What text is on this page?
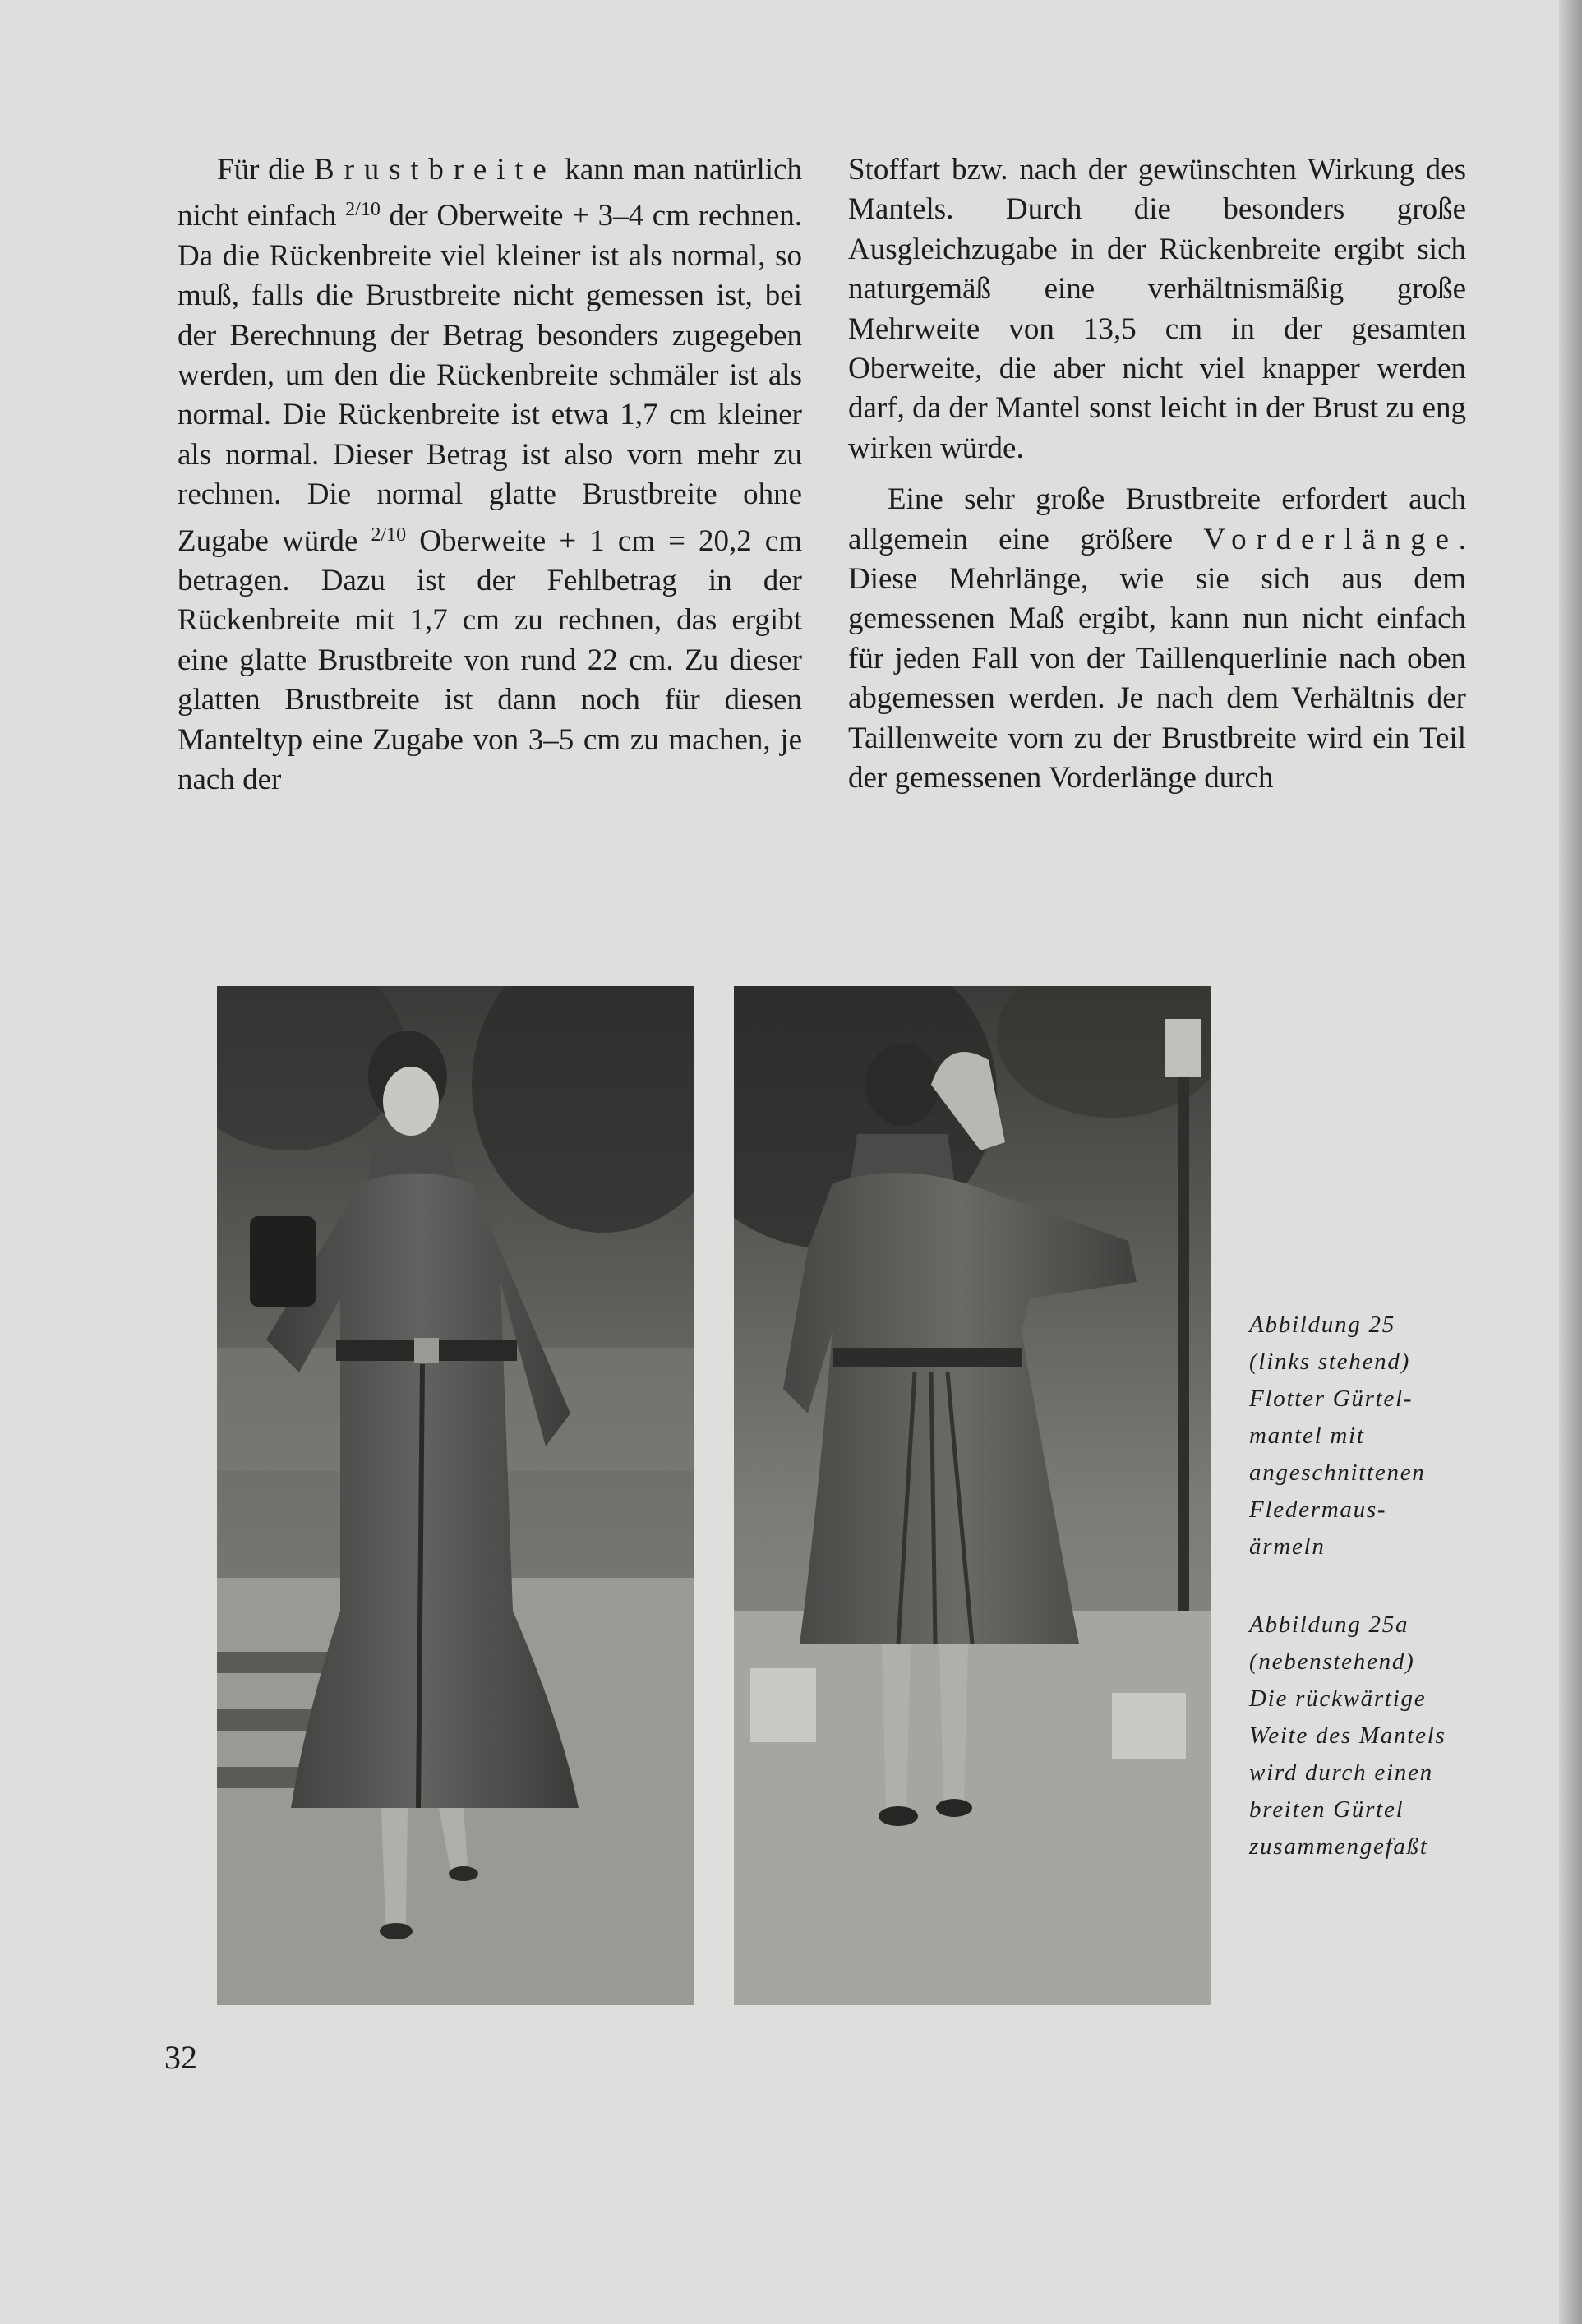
Für die Brustbreite kann man natürlich nicht einfach $^{2/10}$ der Oberweite + 3–4 cm rechnen. Da die Rückenbreite viel kleiner ist als normal, so muß, falls die Brustbreite nicht gemessen ist, bei der Berechnung der Betrag besonders zugegeben werden, um den die Rückenbreite schmäler ist als normal. Die Rückenbreite ist etwa 1,7 cm kleiner als normal. Dieser Betrag ist also vorn mehr zu rechnen. Die normal glatte Brustbreite ohne Zugabe würde $^{2/10}$ Oberweite + 1 cm = 20,2 cm betragen. Dazu ist der Fehlbetrag in der Rückenbreite mit 1,7 cm zu rechnen, das ergibt eine glatte Brustbreite von rund 22 cm. Zu dieser glatten Brustbreite ist dann noch für diesen Manteltyp eine Zugabe von 3–5 cm zu machen, je nach der

Stoffart bzw. nach der gewünschten Wirkung des Mantels. Durch die besonders große Ausgleichzugabe in der Rückenbreite ergibt sich naturgemäß eine verhältnismäßig große Mehrweite von 13,5 cm in der gesamten Oberweite, die aber nicht viel knapper werden darf, da der Mantel sonst leicht in der Brust zu eng wirken würde.

Eine sehr große Brustbreite erfordert auch allgemein eine größere Vorderlänge. Diese Mehrlänge, wie sie sich aus dem gemessenen Maß ergibt, kann nun nicht einfach für jeden Fall von der Taillenquerlinie nach oben abgemessen werden. Je nach dem Verhältnis der Taillenweite vorn zu der Brustbreite wird ein Teil der gemessenen Vorderlänge durch

Abbildung 25
(links stehend)
Flotter Gürtel-
mantel mit
angeschnittenen
Fledermaus-
ärmeln
Abbildung 25a
(nebenstehend)
Die rückwärtige
Weite des Mantels
wird durch einen
breiten Gürtel
zusammengefaßt
32
